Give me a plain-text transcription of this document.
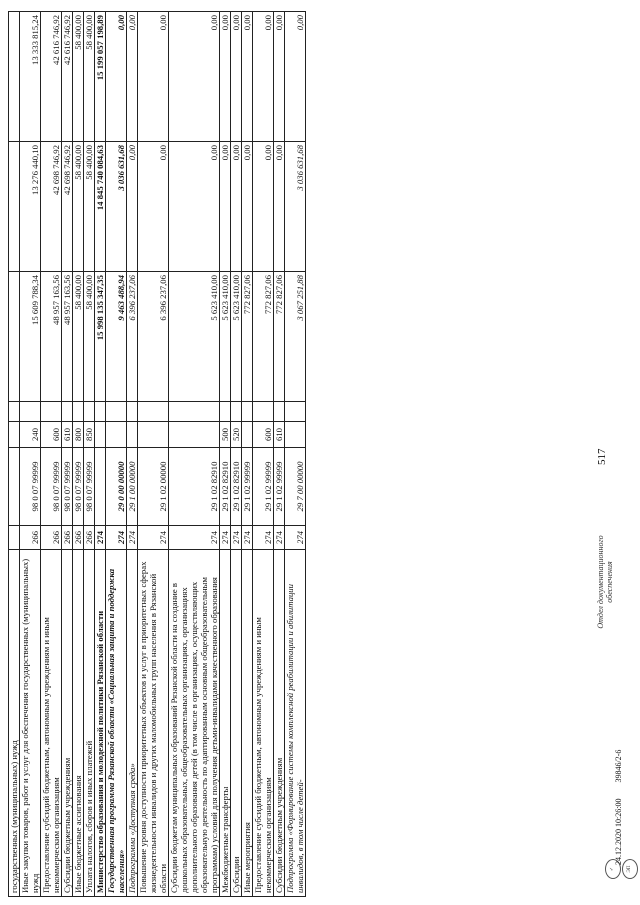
государственных (муниципальных) нужд							
Иные закупки товаров, работ и услуг для обеспечения государственных (муниципальных) нужд	266	98 0 07 99999	240		15 609 788,34	13 276 440,10	13 333 815,24
Предоставление субсидий бюджетным, автономным учреждениям и иным некоммерческим организациям	266	98 0 07 99999	600		48 957 163,56	42 698 746,92	42 616 746,92
Субсидии бюджетным учреждениям	266	98 0 07 99999	610		48 957 163,56	42 698 746,92	42 616 746,92
Иные бюджетные ассигнования	266	98 0 07 99999	800		58 400,00	58 400,00	58 400,00
Уплата налогов, сборов и иных платежей	266	98 0 07 99999	850		58 400,00	58 400,00	58 400,00
Министерство образования и молодежной политики Рязанской области	274				15 998 135 347,35	14 845 740 084,63	15 199 057 198,89
Государственная программа Рязанской области «Социальная защита и поддержка населения»	274	29 0 00 00000			9 463 488,94	3 036 631,68	0,00
Подпрограмма «Доступная среда»	274	29 1 00 00000			6 396 237,06	0,00	0,00
Повышение уровня доступности приоритетных объектов и услуг в приоритетных сферах жизнедеятельности инвалидов и других маломобильных групп населения в Рязанской области	274	29 1 02 00000			6 396 237,06	0,00	0,00
Субсидии бюджетам муниципальных образований Рязанской области на создание в дошкольных образовательных, общеобразовательных организациях, организациях дополнительного образования детей (в том числе в организациях, осуществляющих образовательную деятельность по адаптированным основным общеобразовательным программам) условий для получения детьми-инвалидами качественного образования	274	29 1 02 82910			5 623 410,00	0,00	0,00
Межбюджетные трансферты	274	29 1 02 82910	500		5 623 410,00	0,00	0,00
Субсидии	274	29 1 02 82910	520		5 623 410,00	0,00	0,00
Иные мероприятия	274	29 1 02 99999			772 827,06	0,00	0,00
Предоставление субсидий бюджетным, автономным учреждениям и иным некоммерческим организациям	274	29 1 02 99999	600		772 827,06	0,00	0,00
Субсидии бюджетным учреждениям	274	29 1 02 99999	610		772 827,06	0,00	0,00
Подпрограмма «Формирование системы комплексной реабилитации и абилитации инвалидов, в том числе детей-	274	29 7 00 00000			3 067 251,88	3 036 631,68	0,00
517
✓	ЭП
24.12.2020 10:26:00 39846/2-6
Отдел документационного обеспечения
